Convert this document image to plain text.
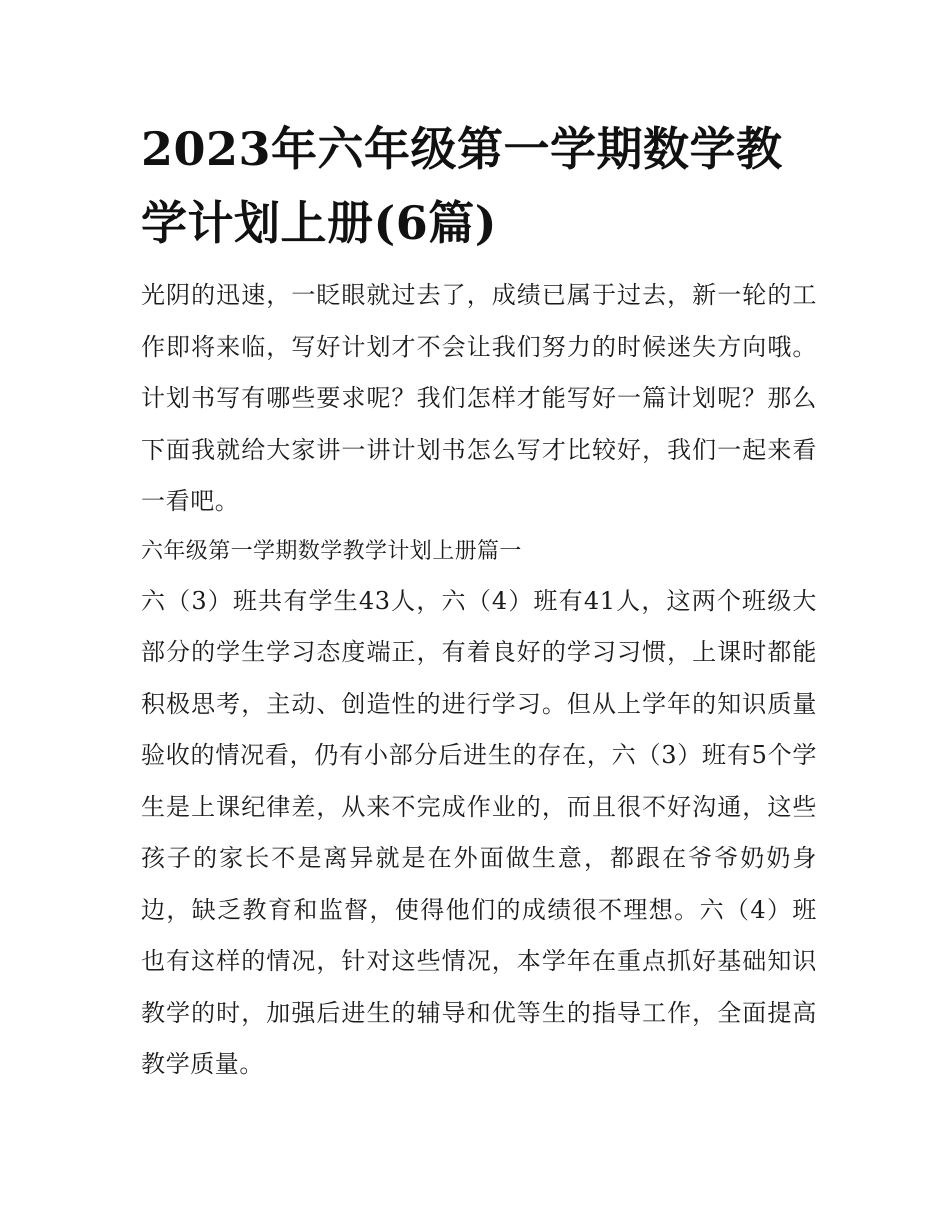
2023年六年级第一学期数学教学计划上册(6篇)

光阴的迅速，一眨眼就过去了，成绩已属于过去，新一轮的工作即将来临，写好计划才不会让我们努力的时候迷失方向哦。计划书写有哪些要求呢？我们怎样才能写好一篇计划呢？那么下面我就给大家讲一讲计划书怎么写才比较好，我们一起来看一看吧。

六年级第一学期数学教学计划上册篇一

六（3）班共有学生43人，六（4）班有41人，这两个班级大部分的学生学习态度端正，有着良好的学习习惯，上课时都能积极思考，主动、创造性的进行学习。但从上学年的知识质量验收的情况看，仍有小部分后进生的存在，六（3）班有5个学生是上课纪律差，从来不完成作业的，而且很不好沟通，这些孩子的家长不是离异就是在外面做生意，都跟在爷爷奶奶身边，缺乏教育和监督，使得他们的成绩很不理想。六（4）班也有这样的情况，针对这些情况，本学年在重点抓好基础知识教学的时，加强后进生的辅导和优等生的指导工作，全面提高教学质量。
